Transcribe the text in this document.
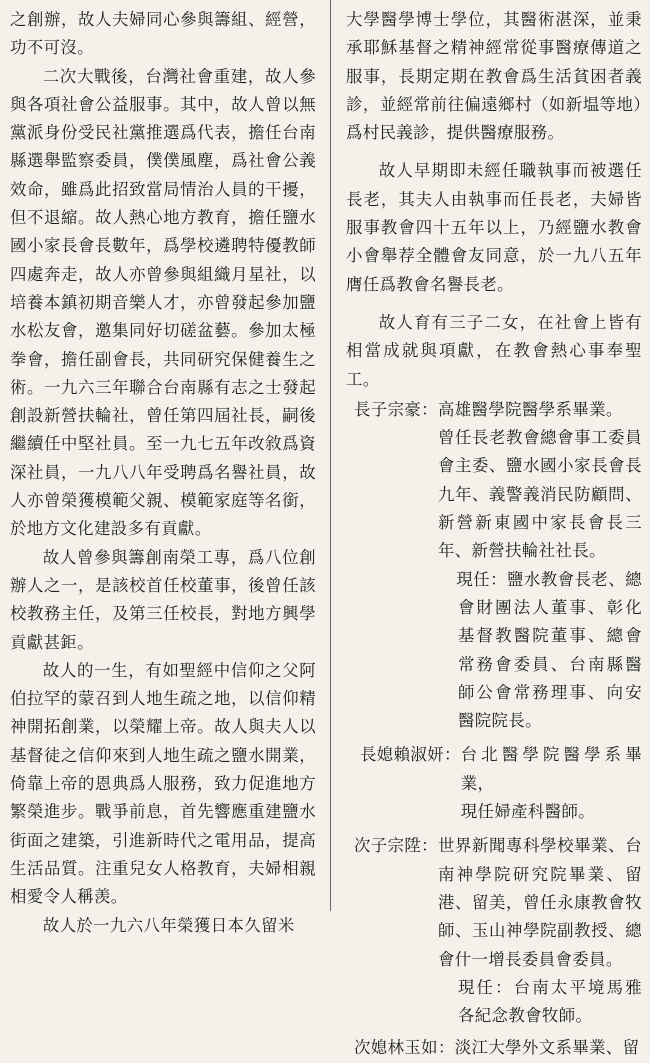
之創辦，故人夫婦同心參與籌組、經營，功不可沒。

二次大戰後，台灣社會重建，故人參與各項社會公益服事。其中，故人曾以無黨派身份受民社黨推選爲代表，擔任台南縣選舉監察委員，僕僕風塵，爲社會公義效命，雖爲此招致當局情治人員的干擾，但不退縮。故人熱心地方教育，擔任鹽水國小家長會長數年，爲學校遴聘特優教師四處奔走，故人亦曾參與組織月星社，以培養本鎮初期音樂人才，亦曾發起參加鹽水松友會，邀集同好切磋盆藝。參加太極拳會，擔任副會長，共同研究保健養生之術。一九六三年聯合台南縣有志之士發起創設新營扶輪社，曾任第四屆社長，嗣後繼續任中堅社員。至一九七五年改敘爲資深社員，一九八八年受聘爲名譽社員，故人亦曾榮獲模範父親、模範家庭等名銜，於地方文化建設多有貢獻。

故人曾參與籌創南榮工專，爲八位創辦人之一，是該校首任校董事，後曾任該校教務主任，及第三任校長，對地方興學貢獻甚鉅。

故人的一生，有如聖經中信仰之父阿伯拉罕的蒙召到人地生疏之地，以信仰精神開拓創業，以榮耀上帝。故人與夫人以基督徒之信仰來到人地生疏之鹽水開業，倚靠上帝的恩典爲人服務，致力促進地方繁榮進步。戰爭前息，首先響應重建鹽水街面之建築，引進新時代之電用品，提高生活品質。注重兒女人格教育，夫婦相親相愛令人稱羡。

故人於一九六八年榮獲日本久留米

大學醫學博士學位，其醫術湛深，並秉承耶穌基督之精神經常從事醫療傳道之服事，長期定期在教會爲生活貧困者義診，並經常前往偏遠鄉村（如新塭等地）爲村民義診，提供醫療服務。

故人早期即未經任職執事而被選任長老，其夫人由執事而任長老，夫婦皆服事教會四十五年以上，乃經鹽水教會小會舉荐全體會友同意，於一九八五年膺任爲教會名譽長老。

故人育有三子二女，在社會上皆有相當成就與項獻，在教會熱心事奉聖工。

長子宗豪： 高雄醫學院醫學系畢業。

曾任長老教會總會事工委員會主委、鹽水國小家長會長九年、義警義消民防顧問、新營新東國中家長會長三年、新營扶輪社社長。

現任：鹽水教會長老、總會財團法人董事、彰化基督教醫院董事、總會常務會委員、台南縣醫師公會常務理事、向安醫院院長。

長媳賴淑妍： 台北醫學院醫學系畢業，

現任婦產科醫師。

次子宗陞： 世界新聞專科學校畢業、台南神學院研究院畢業、留港、留美，曾任永康教會牧師、玉山神學院副教授、總會什一增長委員會委員。

現任：台南太平境馬雅各紀念教會牧師。

次媳林玉如： 淡江大學外文系畢業、留
